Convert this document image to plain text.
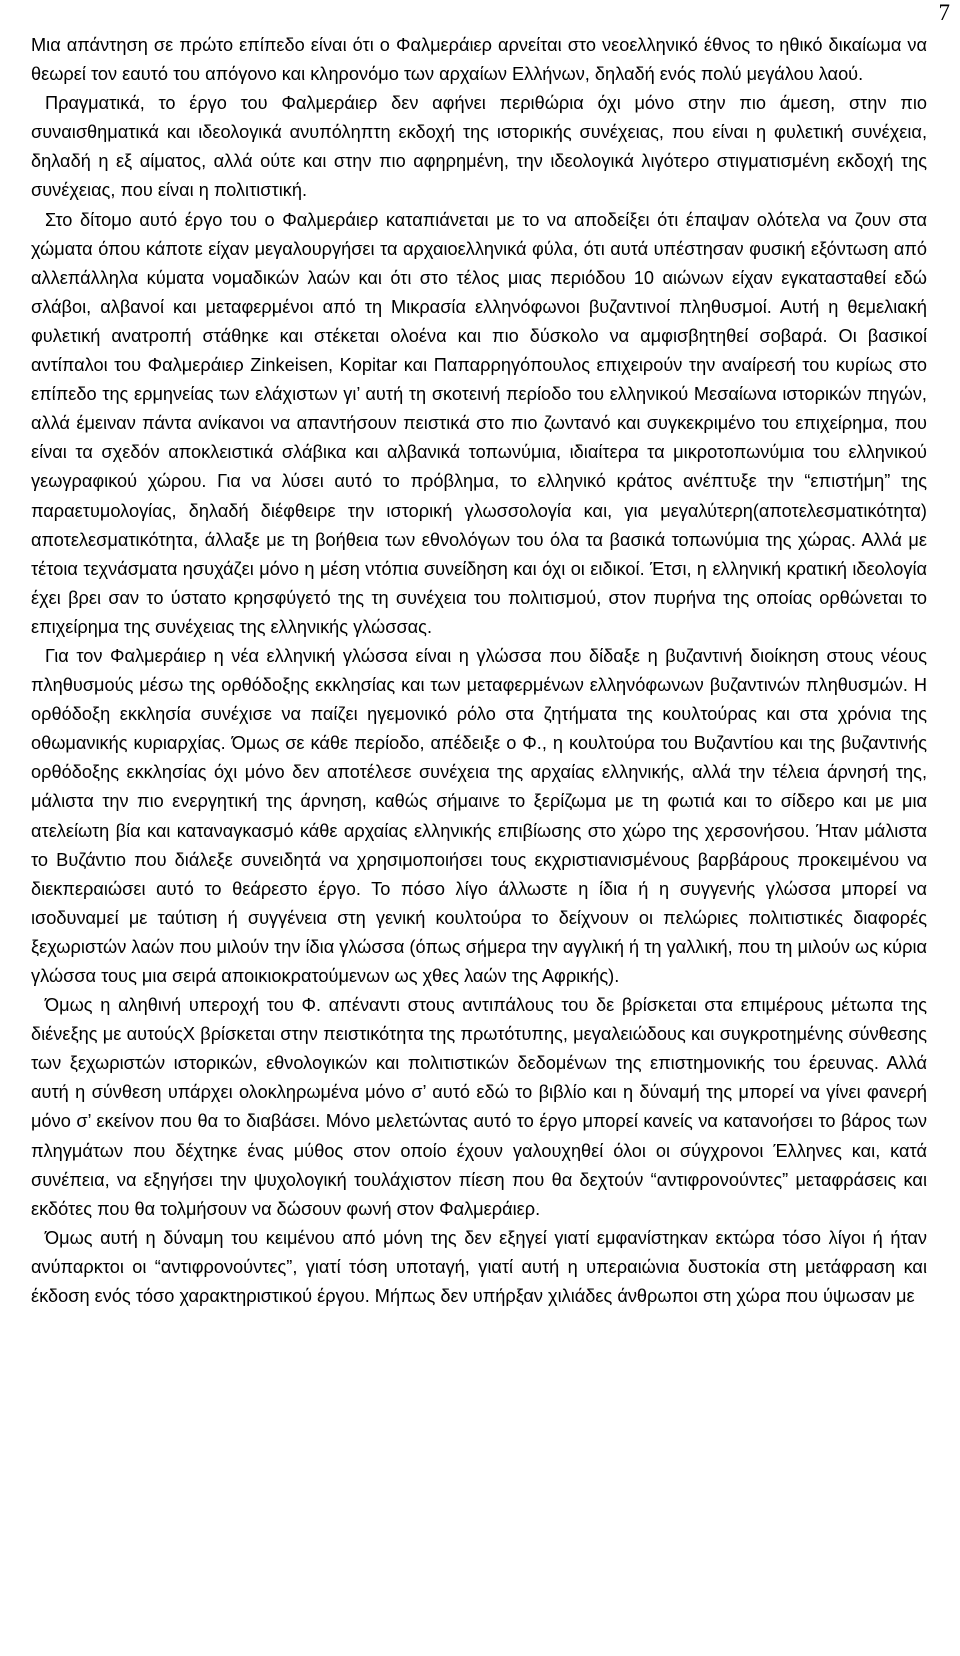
7

Μια απάντηση σε πρώτο επίπεδο είναι ότι ο Φαλμεράιερ αρνείται στο νεοελληνικό έθνος το ηθικό δικαίωμα να θεωρεί τον εαυτό του απόγονο και κληρονόμο των αρχαίων Ελλήνων, δηλαδή ενός πολύ μεγάλου λαού.

Πραγματικά, το έργο του Φαλμεράιερ δεν αφήνει περιθώρια όχι μόνο στην πιο άμεση, στην πιο συναισθηματικά και ιδεολογικά ανυπόληπτη εκδοχή της ιστορικής συνέχειας, που είναι η φυλετική συνέχεια, δηλαδή η εξ αίματος, αλλά ούτε και στην πιο αφηρημένη, την ιδεολογικά λιγότερο στιγματισμένη εκδοχή της συνέχειας, που είναι η πολιτιστική.

Στο δίτομο αυτό έργο του ο Φαλμεράιερ καταπιάνεται με το να αποδείξει ότι έπαψαν ολότελα να ζουν στα χώματα όπου κάποτε είχαν μεγαλουργήσει τα αρχαιοελληνικά φύλα, ότι αυτά υπέστησαν φυσική εξόντωση από αλλεπάλληλα κύματα νομαδικών λαών και ότι στο τέλος μιας περιόδου 10 αιώνων είχαν εγκατασταθεί εδώ σλάβοι, αλβανοί και μεταφερμένοι από τη Μικρασία ελληνόφωνοι βυζαντινοί πληθυσμοί. Αυτή η θεμελιακή φυλετική ανατροπή στάθηκε και στέκεται ολοένα και πιο δύσκολο να αμφισβητηθεί σοβαρά. Οι βασικοί αντίπαλοι του Φαλμεράιερ Zinkeisen, Kopitar και Παπαρρηγόπουλος επιχειρούν την αναίρεσή του κυρίως στο επίπεδο της ερμηνείας των ελάχιστων γι’ αυτή τη σκοτεινή περίοδο του ελληνικού Μεσαίωνα ιστορικών πηγών, αλλά έμειναν πάντα ανίκανοι να απαντήσουν πειστικά στο πιο ζωντανό και συγκεκριμένο του επιχείρημα, που είναι τα σχεδόν αποκλειστικά σλάβικα και αλβανικά τοπωνύμια, ιδιαίτερα τα μικροτοπωνύμια του ελληνικού γεωγραφικού χώρου. Για να λύσει αυτό το πρόβλημα, το ελληνικό κράτος ανέπτυξε την “επιστήμη” της παραετυμολογίας, δηλαδή διέφθειρε την ιστορική γλωσσολογία και, για μεγαλύτερη(αποτελεσματικότητα) αποτελεσματικότητα, άλλαξε με τη βοήθεια των εθνολόγων του όλα τα βασικά τοπωνύμια της χώρας. Αλλά με τέτοια τεχνάσματα ησυχάζει μόνο η μέση ντόπια συνείδηση και όχι οι ειδικοί. Έτσι, η ελληνική κρατική ιδεολογία έχει βρει σαν το ύστατο κρησφύγετό της τη συνέχεια του πολιτισμού, στον πυρήνα της οποίας ορθώνεται το επιχείρημα της συνέχειας της ελληνικής γλώσσας.

Για τον Φαλμεράιερ η νέα ελληνική γλώσσα είναι η γλώσσα που δίδαξε η βυζαντινή διοίκηση στους νέους πληθυσμούς μέσω της ορθόδοξης εκκλησίας και των μεταφερμένων ελληνόφωνων βυζαντινών πληθυσμών. Η ορθόδοξη εκκλησία συνέχισε να παίζει ηγεμονικό ρόλο στα ζητήματα της κουλτούρας και στα χρόνια της οθωμανικής κυριαρχίας. Όμως σε κάθε περίοδο, απέδειξε ο Φ., η κουλτούρα του Βυζαντίου και της βυζαντινής ορθόδοξης εκκλησίας όχι μόνο δεν αποτέλεσε συνέχεια της αρχαίας ελληνικής, αλλά την τέλεια άρνησή της, μάλιστα την πιο ενεργητική της άρνηση, καθώς σήμαινε το ξερίζωμα με τη φωτιά και το σίδερο και με μια ατελείωτη βία και καταναγκασμό κάθε αρχαίας ελληνικής επιβίωσης στο χώρο της χερσονήσου. Ήταν μάλιστα το Βυζάντιο που διάλεξε συνειδητά να χρησιμοποιήσει τους εκχριστιανισμένους βαρβάρους προκειμένου να διεκπεραιώσει αυτό το θεάρεστο έργο. Το πόσο λίγο άλλωστε η ίδια ή η συγγενής γλώσσα μπορεί να ισοδυναμεί με ταύτιση ή συγγένεια στη γενική κουλτούρα το δείχνουν οι πελώριες πολιτιστικές διαφορές ξεχωριστών λαών που μιλούν την ίδια γλώσσα (όπως σήμερα την αγγλική ή τη γαλλική, που τη μιλούν ως κύρια γλώσσα τους μια σειρά αποικιοκρατούμενων ως χθες λαών της Αφρικής).

Όμως η αληθινή υπεροχή του Φ. απέναντι στους αντιπάλους του δε βρίσκεται στα επιμέρους μέτωπα της διένεξης με αυτούςΧ βρίσκεται στην πειστικότητα της πρωτότυπης, μεγαλειώδους και συγκροτημένης σύνθεσης των ξεχωριστών ιστορικών, εθνολογικών και πολιτιστικών δεδομένων της επιστημονικής του έρευνας. Αλλά αυτή η σύνθεση υπάρχει ολοκληρωμένα μόνο σ’ αυτό εδώ το βιβλίο και η δύναμή της μπορεί να γίνει φανερή μόνο σ’ εκείνον που θα το διαβάσει. Μόνο μελετώντας αυτό το έργο μπορεί κανείς να κατανοήσει το βάρος των πληγμάτων που δέχτηκε ένας μύθος στον οποίο έχουν γαλουχηθεί όλοι οι σύγχρονοι Έλληνες και, κατά συνέπεια, να εξηγήσει την ψυχολογική τουλάχιστον πίεση που θα δεχτούν “αντιφρονούντες” μεταφράσεις και εκδότες που θα τολμήσουν να δώσουν φωνή στον Φαλμεράιερ.

Όμως αυτή η δύναμη του κειμένου από μόνη της δεν εξηγεί γιατί εμφανίστηκαν εκτώρα τόσο λίγοι ή ήταν ανύπαρκτοι οι “αντιφρονούντες”, γιατί τόση υποταγή, γιατί αυτή η υπεραιώνια δυστοκία στη μετάφραση και έκδοση ενός τόσο χαρακτηριστικού έργου. Μήπως δεν υπήρξαν χιλιάδες άνθρωποι στη χώρα που ύψωσαν με
